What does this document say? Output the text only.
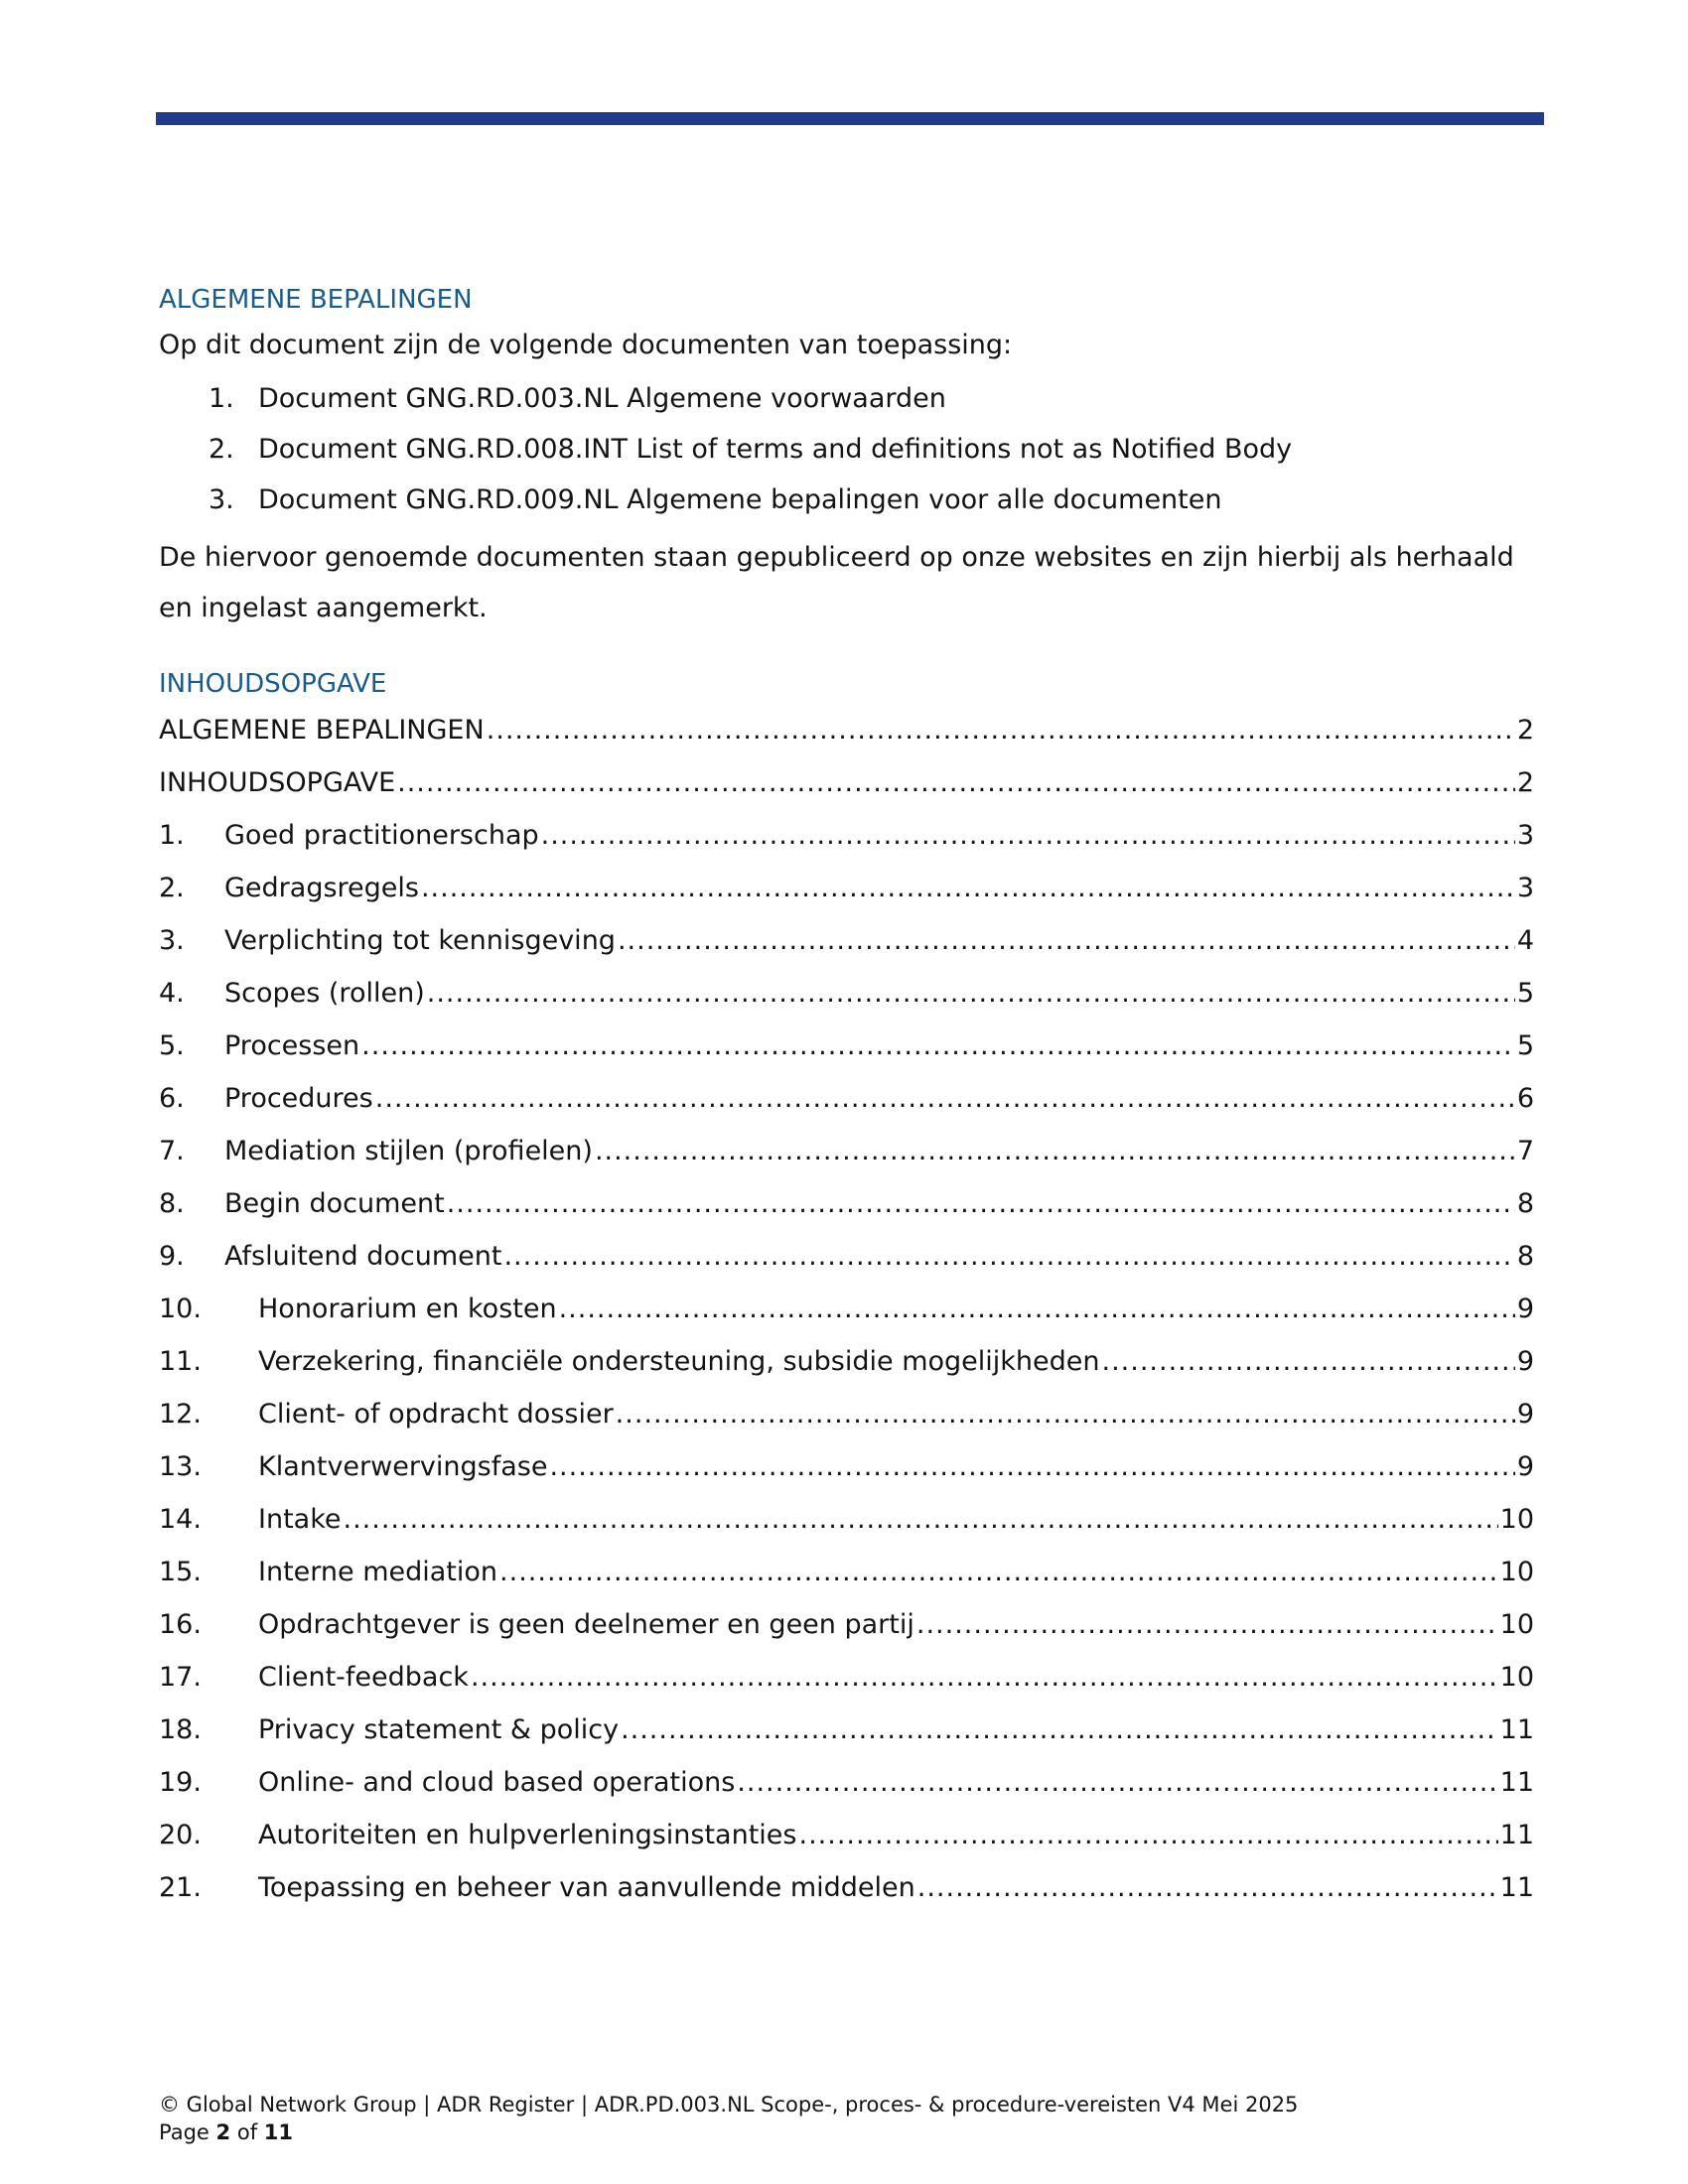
ALGEMENE BEPALINGEN

Op dit document zijn de volgende documenten van toepassing:

1. Document GNG.RD.003.NL Algemene voorwaarden
2. Document GNG.RD.008.INT List of terms and definitions not as Notified Body
3. Document GNG.RD.009.NL Algemene bepalingen voor alle documenten

De hiervoor genoemde documenten staan gepubliceerd op onze websites en zijn hierbij als herhaald en ingelast aangemerkt.

INHOUDSOPGAVE
ALGEMENE BEPALINGEN .....	2
INHOUDSOPGAVE .....	2
1.	Goed practitionerschap .....	3
2.	Gedragsregels .....	3
3.	Verplichting tot kennisgeving .....	4
4.	Scopes (rollen) .....	5
5.	Processen .....	5
6.	Procedures .....	6
7.	Mediation stijlen (profielen) .....	7
8.	Begin document .....	8
9.	Afsluitend document .....	8
10.	Honorarium en kosten .....	9
11.	Verzekering, financiële ondersteuning, subsidie mogelijkheden .....	9
12.	Client- of opdracht dossier .....	9
13.	Klantverwervingsfase .....	9
14.	Intake .....	10
15.	Interne mediation .....	10
16.	Opdrachtgever is geen deelnemer en geen partij .....	10
17.	Client-feedback .....	10
18.	Privacy statement & policy .....	11
19.	Online- and cloud based operations .....	11
20.	Autoriteiten en hulpverleningsinstanties .....	11
21.	Toepassing en beheer van aanvullende middelen .....	11
© Global Network Group | ADR Register | ADR.PD.003.NL Scope-, proces- & procedure-vereisten V4 Mei 2025
Page 2 of 11
